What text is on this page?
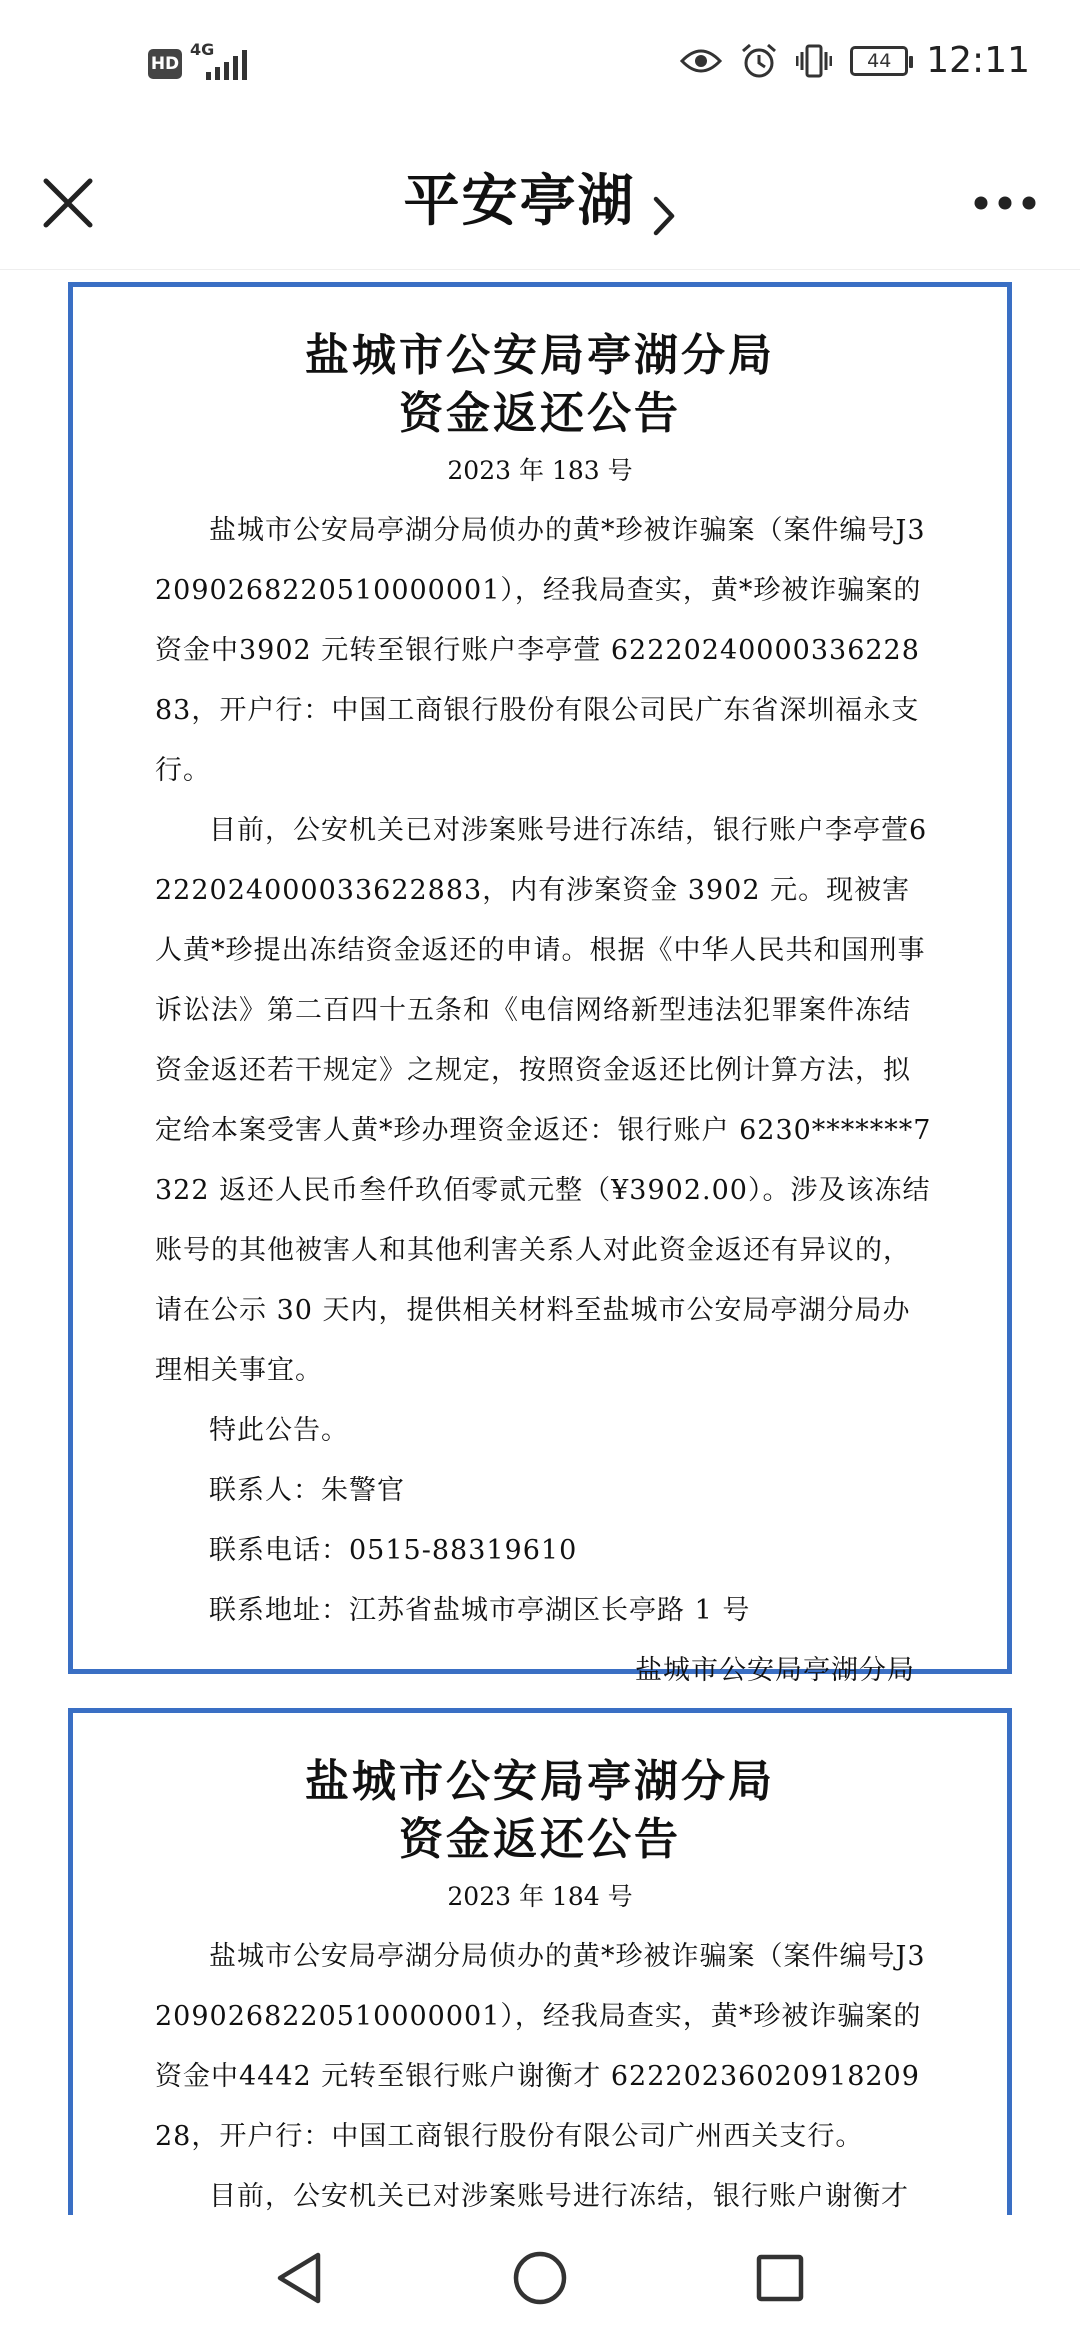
HD
4G	44 12:11
平安亭湖
盐城市公安局亭湖分局
资金返还公告
2023 年 183 号

盐城市公安局亭湖分局侦办的黄*珍被诈骗案（案件编号J32090268220510000001），经我局查实，黄*珍被诈骗案的资金中3902 元转至银行账户李亭萱 6222024000033622883，开户行：中国工商银行股份有限公司民广东省深圳福永支行。

目前，公安机关已对涉案账号进行冻结，银行账户李亭萱6222024000033622883，内有涉案资金 3902 元。现被害人黄*珍提出冻结资金返还的申请。根据《中华人民共和国刑事诉讼法》第二百四十五条和《电信网络新型违法犯罪案件冻结资金返还若干规定》之规定，按照资金返还比例计算方法，拟定给本案受害人黄*珍办理资金返还：银行账户 6230*******7322 返还人民币叁仟玖佰零贰元整（¥3902.00）。涉及该冻结账号的其他被害人和其他利害关系人对此资金返还有异议的，请在公示 30 天内，提供相关材料至盐城市公安局亭湖分局办理相关事宜。

特此公告。

联系人：朱警官

联系电话：0515-88319610

联系地址：江苏省盐城市亭湖区长亭路 1 号

盐城市公安局亭湖分局

盐城市公安局亭湖分局
资金返还公告
2023 年 184 号

盐城市公安局亭湖分局侦办的黄*珍被诈骗案（案件编号J32090268220510000001），经我局查实，黄*珍被诈骗案的资金中4442 元转至银行账户谢衡才 6222023602091820928，开户行：中国工商银行股份有限公司广州西关支行。

目前，公安机关已对涉案账号进行冻结，银行账户谢衡才
